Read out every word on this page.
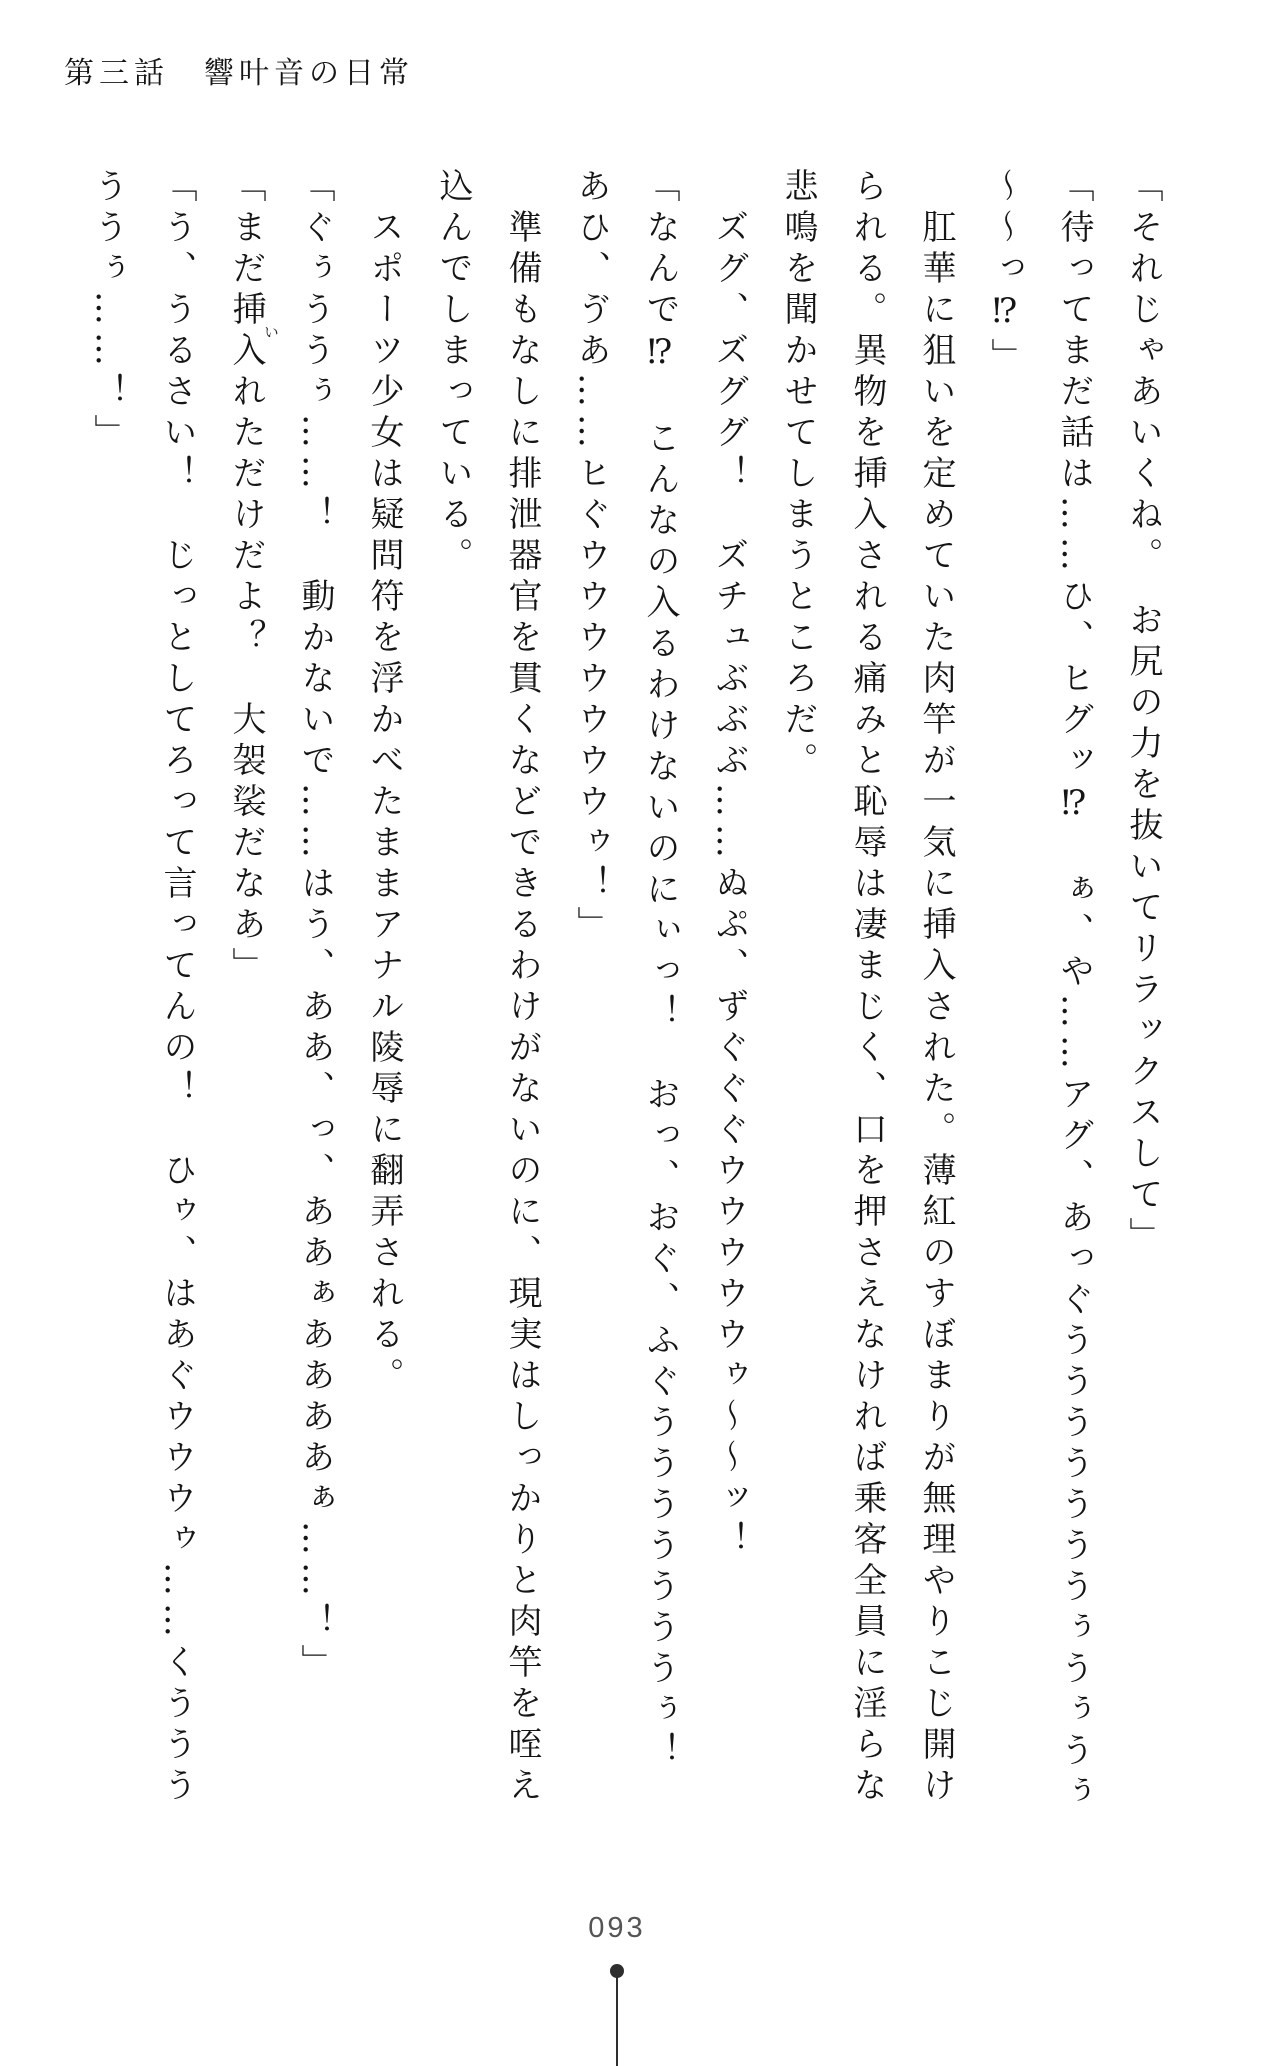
第三話　響叶音の日常
「それじゃあいくね。　お尻の力を抜いてリラックスして」
「待ってまだ話は……ひ、ヒグッ⁉　ぁ、や……アグ、あっぐうううううううぅうぅうぅ
～～っ⁉」
肛華に狙いを定めていた肉竿が一気に挿入された。薄紅のすぼまりが無理やりこじ開け
られる。異物を挿入される痛みと恥辱は凄まじく、口を押さえなければ乗客全員に淫らな
悲鳴を聞かせてしまうところだ。
ズグ、ズググ！　ズチュぶぶぶ……ぬぷ、ずぐぐぐウウウウウゥ～～ッ！
「なんで⁉　こんなの入るわけないのにぃっ！　おっ、おぐ、ふぐうううううううぅ！
あひ、ゔあ……ヒぐウウウウウウウゥ！」
準備もなしに排泄器官を貫くなどできるわけがないのに、現実はしっかりと肉竿を咥え
込んでしまっている。
スポーツ少女は疑問符を浮かべたままアナル陵辱に翻弄される。
「ぐぅううぅ……！　動かないで……はう、ああ、っ、ああぁああああぁ……！」
「まだ挿入いれただけだよ？　大袈裟だなあ」
「う、うるさい！　じっとしてろって言ってんの！　ひゥ、はあぐウウウゥ……くううう
ううぅ……！」
093
